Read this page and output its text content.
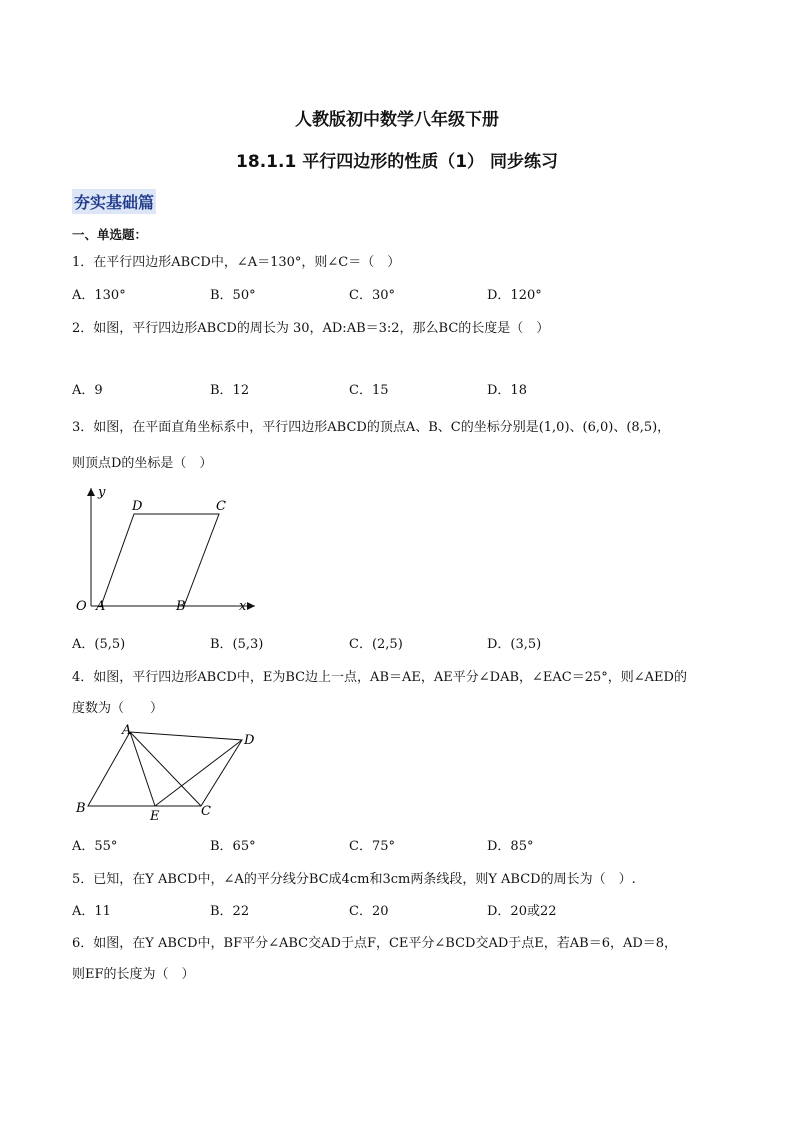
人教版初中数学八年级下册
18.1.1 平行四边形的性质（1） 同步练习
夯实基础篇
一、单选题：
1．在平行四边形ABCD中，∠A＝130°，则∠C＝（　）
A．130°	B．50°	C．30°	D．120°
2．如图，平行四边形ABCD的周长为 30，AD:AB＝3:2，那么BC的长度是（　）
A．9	B．12	C．15	D．18
3．如图，在平面直角坐标系中，平行四边形ABCD的顶点A、B、C的坐标分别是(1,0)、(6,0)、(8,5)，
则顶点D的坐标是（　）
y
x
O A	B
C
D
A．(5,5)	B．(5,3)	C．(2,5)	D．(3,5)
4．如图，平行四边形ABCD中，E为BC边上一点，AB＝AE，AE平分∠DAB，∠EAC＝25°，则∠AED的
度数为（　　）
A
B	C
D
E
A．55°	B．65°	C．75°	D．85°
5．已知，在Y ABCD中，∠A的平分线分BC成4cm和3cm两条线段，则Y ABCD的周长为（　）.
A．11	B．22	C．20	D．20或22
6．如图，在Y ABCD中，BF平分∠ABC交AD于点F，CE平分∠BCD交AD于点E，若AB＝6，AD＝8，
则EF的长度为（　）
